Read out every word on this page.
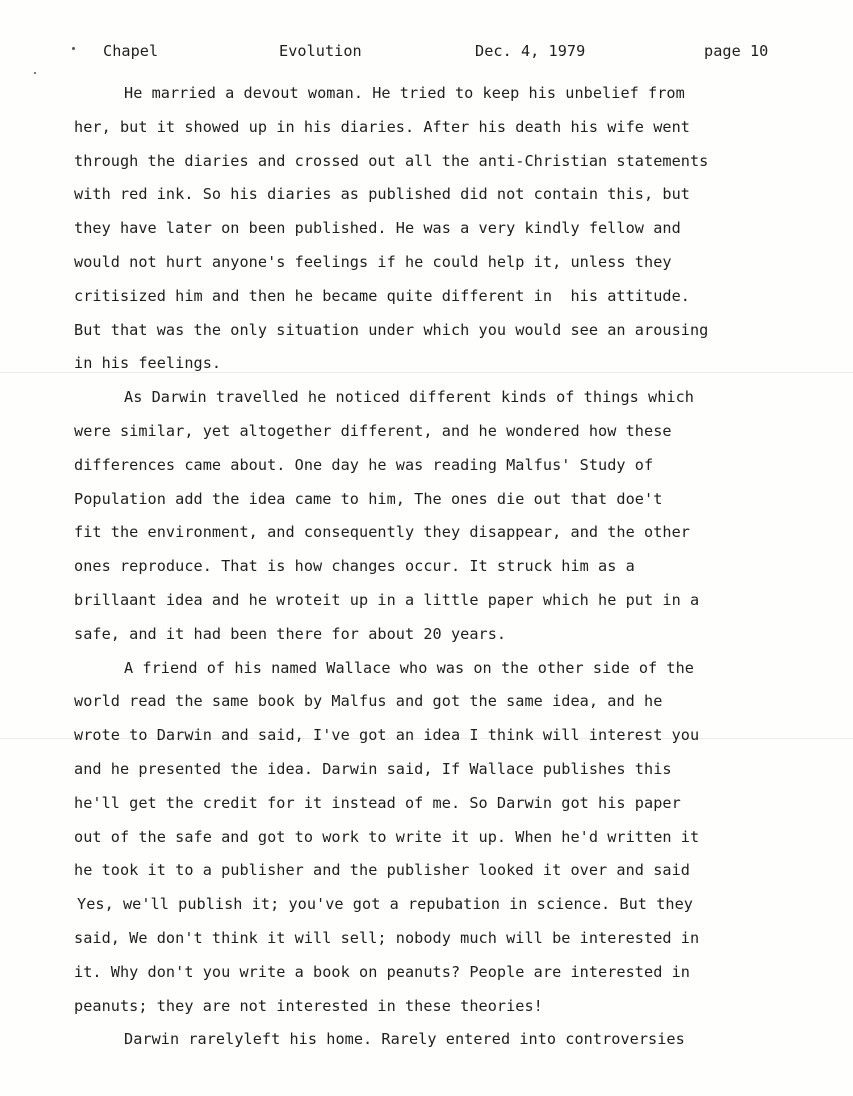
Chapel	Evolution	Dec. 4, 1979	page 10
He married a devout woman. He tried to keep his unbelief from
her, but it showed up in his diaries. After his death his wife went
through the diaries and crossed out all the anti-Christian statements
with red ink. So his diaries as published did not contain this, but
they have later on been published. He was a very kindly fellow and
would not hurt anyone's feelings if he could help it, unless they
critisized him and then he became quite different in  his attitude.
But that was the only situation under which you would see an arousing
in his feelings.
As Darwin travelled he noticed different kinds of things which
were similar, yet altogether different, and he wondered how these
differences came about. One day he was reading Malfus' Study of
Population add the idea came to him, The ones die out that doe't
fit the environment, and consequently they disappear, and the other
ones reproduce. That is how changes occur. It struck him as a
brillaant idea and he wroteit up in a little paper which he put in a
safe, and it had been there for about 20 years.
A friend of his named Wallace who was on the other side of the
world read the same book by Malfus and got the same idea, and he
wrote to Darwin and said, I've got an idea I think will interest you
and he presented the idea. Darwin said, If Wallace publishes this
he'll get the credit for it instead of me. So Darwin got his paper
out of the safe and got to work to write it up. When he'd written it
he took it to a publisher and the publisher looked it over and said
Yes, we'll publish it; you've got a repubation in science. But they
said, We don't think it will sell; nobody much will be interested in
it. Why don't you write a book on peanuts? People are interested in
peanuts; they are not interested in these theories!
Darwin rarelyleft his home. Rarely entered into controversies
